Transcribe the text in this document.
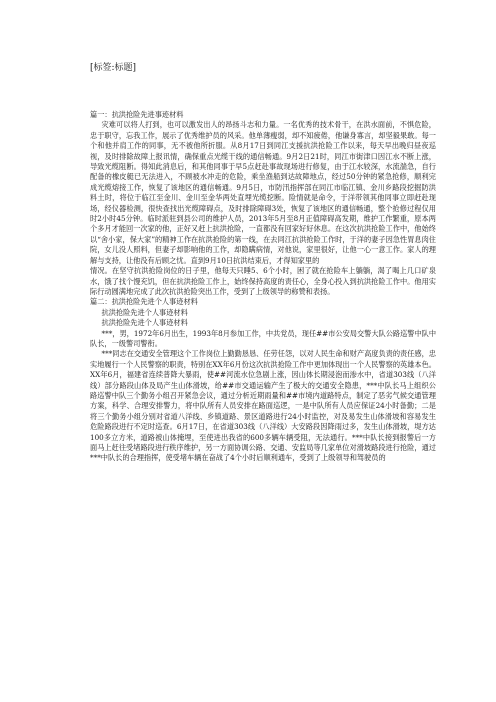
[标签:标题]
篇一：抗洪抢险先进事迹材料

灾难可以将人打到，也可以激发出人的昂扬斗志和力量。一名优秀的技术骨干，在洪水面前，不惧危险，忠于职守，忘我工作，展示了优秀维护员的风采。他单薄瘦弱，却不知疲倦，他谦身寡言，却坚毅果敢。每一个和他并肩工作的同事，无不被他所折服。从8月17日到同江支援抗洪抢险工作以来，每天早出晚归昼夜巡视，及时排除故障上报讯情，确保重点光缆干线的通信畅通。9月2日21时，同江市街津口因江水不断上涨，导致光缆阻断。得知此消息后，和其他同事于早5点赶赴事故现场进行修复，由于江水较深，水流湍急，自行配备的橡皮艇已无法进入，不顾被水冲走的危险，乘坐渔船到达故障地点，经过50分钟的紧急抢修，顺利完成光缆熔接工作，恢复了该地区的通信畅通。9月5日，市防汛指挥部在同江市临江镇、金川乡路段挖掘防洪料土时，将位于临江至金川、金川至金华两处直埋光缆挖断。险情就是命令，于洋带领其他同事立即赶赴现场，经仪器检测，很快查找出光缆障碍点，及时排除障碍3处，恢复了该地区的通信畅通，整个抢修过程仅用时2小时45分钟。临时派驻到县公司的维护人员，2013年5月至8月正值障碍高发期，维护工作繁重，原本两个多月才能回一次家的他，正好又赶上抗洪抢险，一直都没有回家好好休息。在这次抗洪抢险工作中，他始终以“舍小家，保大家”的精神工作在抗洪抢险的第一线，在去同江抗洪抢险工作时，于洋的妻子因急性胃息肉住院，女儿没人照料，但妻子却影响他的工作，却隐瞒病情，对他说，家里很好，让他一心一意工作。家人的理解与支持，让他没有后顾之忧。直到9月10日抗洪结束后，才得知家里的

情况。在坚守抗洪抢险岗位的日子里，他每天只睡5、6个小时，困了就在抢险车上躺躺，渴了喝上几口矿泉水，饿了找个馒充饥，但在抗洪抢险工作上，始终保持高度的责任心，全身心投入到抗洪抢险工作中。他用实际行动圆满地完成了此次抗洪抢险突出工作，受到了上级领导的称赞和表扬。

篇二：抗洪抢险先进个人事迹材料
抗洪抢险先进个人事迹材料
抗洪抢险先进个人事迹材料

***，男，1972年6月出生，1993年8月参加工作，中共党员，现任##市公安局交警大队公路巡警中队中队长，一级警司警衔。

***同志在交通安全管理这个工作岗位上勤勤恳恳、任劳任怨，以对人民生命和财产高度负责的责任感，忠实地履行一个人民警察的职责，特别在XX年6月份这次抗洪抢险工作中更加体现出一个人民警察的英雄本色。XX年6月，福建省连续普降大暴雨，使##河流水位急剧上涨，因山体长期浸泡而渗水中，省道303线（八洋线）部分路段山体及局产生山体滑坡，给##市交通运输产生了极大的交通安全隐患，***中队长马上组织公路巡警中队三个勤务小组召开紧急会议，通过分析近期雨量和##市境内道路特点，制定了恶劣气候交通管理方案，科学、合理安排警力，将中队所有人员安排在路面巡逻，一是中队所有人员应保证24小时备勤；二是将三个勤务小组分别对省道八洋线、乡镇道路、景区道路进行24小时监控，对及易发生山体滑坡和容易发生危险路段进行不定时巡查。6月17日，在省道303线（八洋线）大安路段因降雨过多，发生山体滑坡，堤方达100多立方米，道路被山体掩埋，至使进出我省的600多辆车辆受阻，无法通行。***中队长接到报警后一方面马上赶往受堵路段进行秩序维护，另一方面协调公路、交通、安监局等几家单位对滑坡路段进行抢险，通过***中队长的合理指挥，使受堵车辆在奋战了4个小时后顺利通车，受到了上级领导和驾驶员的
